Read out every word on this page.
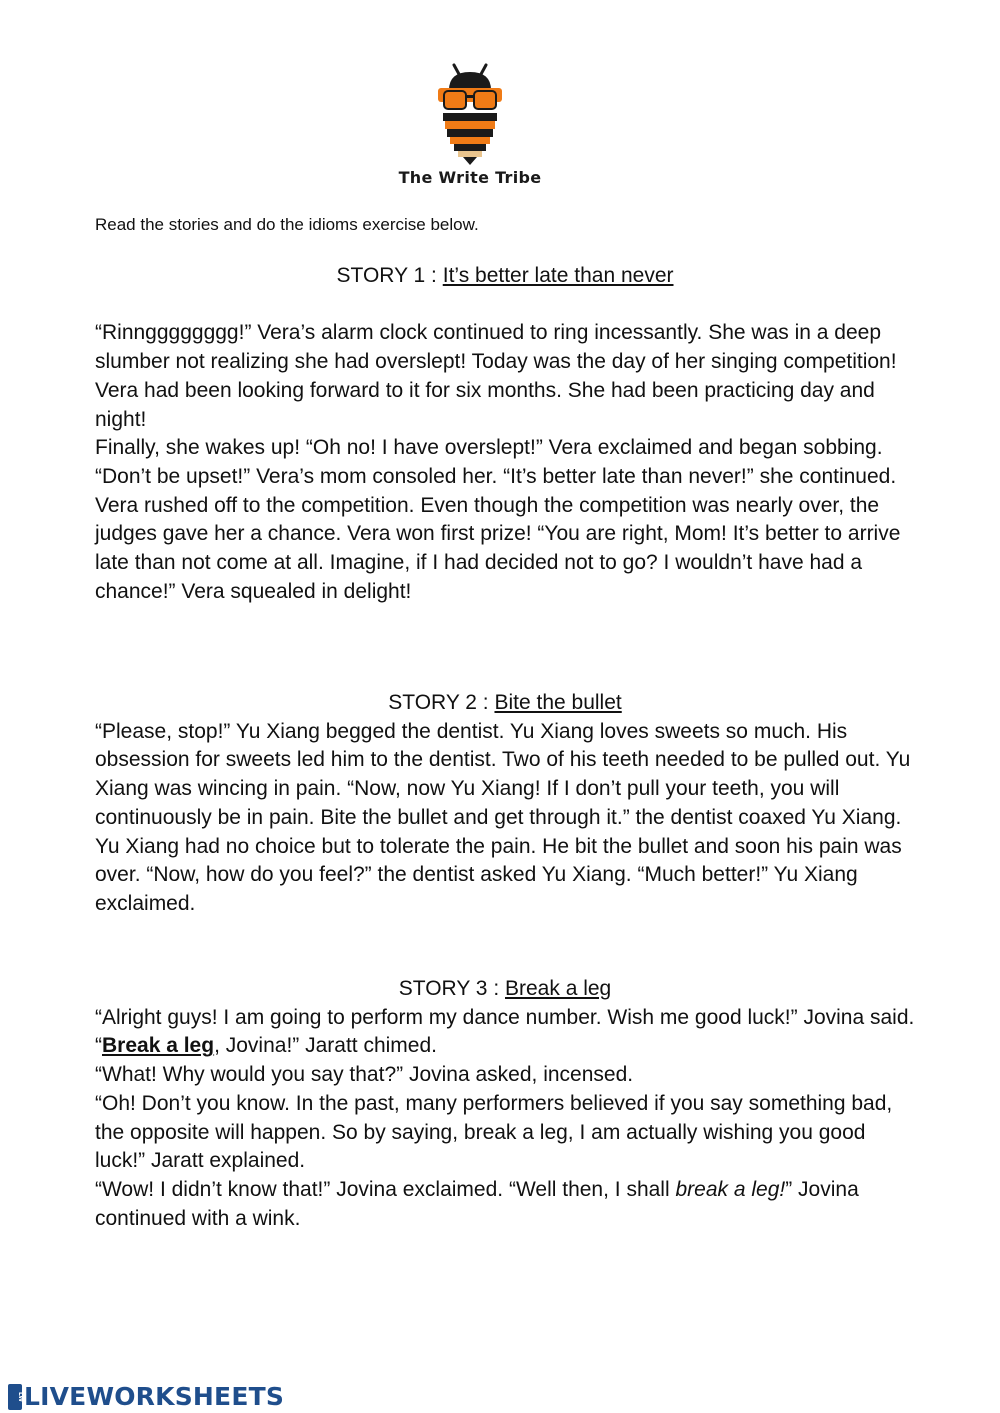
The Write Tribe
Read the stories and do the idioms exercise below.
STORY 1 : It’s better late than never

“Rinngggggggg!” Vera’s alarm clock continued to ring incessantly. She was in a deep slumber not realizing she had overslept! Today was the day of her singing competition! Vera had been looking forward to it for six months. She had been practicing day and night!

Finally, she wakes up! “Oh no! I have overslept!” Vera exclaimed and began sobbing. “Don’t be upset!” Vera’s mom consoled her. “It’s better late than never!” she continued. Vera rushed off to the competition. Even though the competition was nearly over, the judges gave her a chance. Vera won first prize! “You are right, Mom! It’s better to arrive late than not come at all. Imagine, if I had decided not to go? I wouldn’t have had a chance!” Vera squealed in delight!

STORY 2 : Bite the bullet

“Please, stop!” Yu Xiang begged the dentist. Yu Xiang loves sweets so much. His obsession for sweets led him to the dentist. Two of his teeth needed to be pulled out. Yu Xiang was wincing in pain. “Now, now Yu Xiang! If I don’t pull your teeth, you will continuously be in pain. Bite the bullet and get through it.” the dentist coaxed Yu Xiang. Yu Xiang had no choice but to tolerate the pain. He bit the bullet and soon his pain was over. “Now, how do you feel?” the dentist asked Yu Xiang. “Much better!” Yu Xiang exclaimed.

STORY 3 : Break a leg

“Alright guys! I am going to perform my dance number. Wish me good luck!” Jovina said.

“Break a leg, Jovina!” Jaratt chimed.

“What! Why would you say that?” Jovina asked, incensed.

“Oh! Don’t you know. In the past, many performers believed if you say something bad, the opposite will happen. So by saying, break a leg, I am actually wishing you good luck!” Jaratt explained.

“Wow! I didn’t know that!” Jovina exclaimed. “Well then, I shall break a leg!” Jovina continued with a wink.

LW LIVEWORKSHEETS
